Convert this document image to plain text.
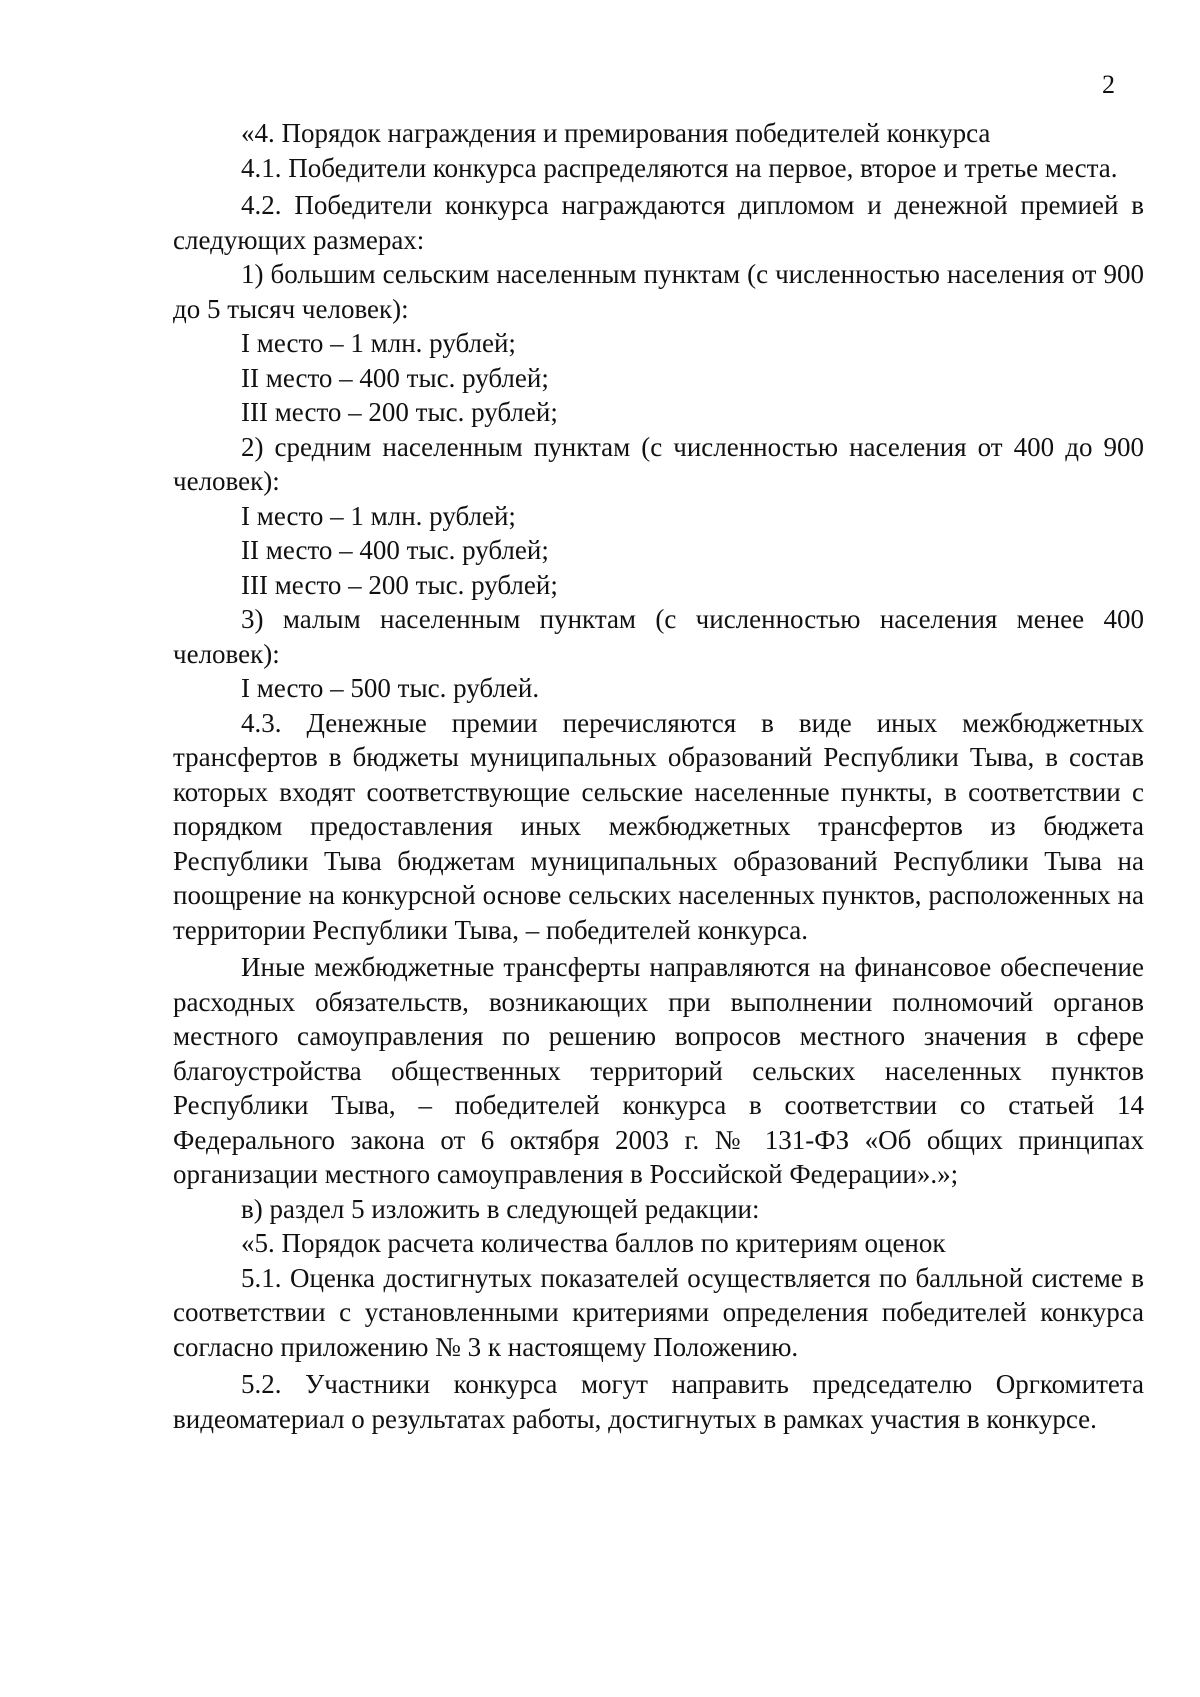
2

«4. Порядок награждения и премирования победителей конкурса

4.1. Победители конкурса распределяются на первое, второе и третье места.

4.2. Победители конкурса награждаются дипломом и денежной премией в следующих размерах:

1) большим сельским населенным пунктам (с численностью населения от 900 до 5 тысяч человек):

I место – 1 млн. рублей;

II место – 400 тыс. рублей;

III место – 200 тыс. рублей;

2) средним населенным пунктам (с численностью населения от 400 до 900 человек):

I место – 1 млн. рублей;

II место – 400 тыс. рублей;

III место – 200 тыс. рублей;

3) малым населенным пунктам (с численностью населения менее 400 человек):

I место – 500 тыс. рублей.

4.3. Денежные премии перечисляются в виде иных межбюджетных трансфертов в бюджеты муниципальных образований Республики Тыва, в состав которых входят соответствующие сельские населенные пункты, в соответствии с порядком предоставления иных межбюджетных трансфертов из бюджета Республики Тыва бюджетам муниципальных образований Республики Тыва на поощрение на конкурсной основе сельских населенных пунктов, расположенных на территории Республики Тыва, – победителей конкурса.

Иные межбюджетные трансферты направляются на финансовое обеспечение расходных обязательств, возникающих при выполнении полномочий органов местного самоуправления по решению вопросов местного значения в сфере благоустройства общественных территорий сельских населенных пунктов Республики Тыва, – победителей конкурса в соответствии со статьей 14 Федерального закона от 6 октября 2003 г. № 131-ФЗ «Об общих принципах организации местного самоуправления в Российской Федерации».»;

в) раздел 5 изложить в следующей редакции:

«5. Порядок расчета количества баллов по критериям оценок

5.1. Оценка достигнутых показателей осуществляется по балльной системе в соответствии с установленными критериями определения победителей конкурса согласно приложению № 3 к настоящему Положению.

5.2. Участники конкурса могут направить председателю Оргкомитета видеоматериал о результатах работы, достигнутых в рамках участия в конкурсе.
